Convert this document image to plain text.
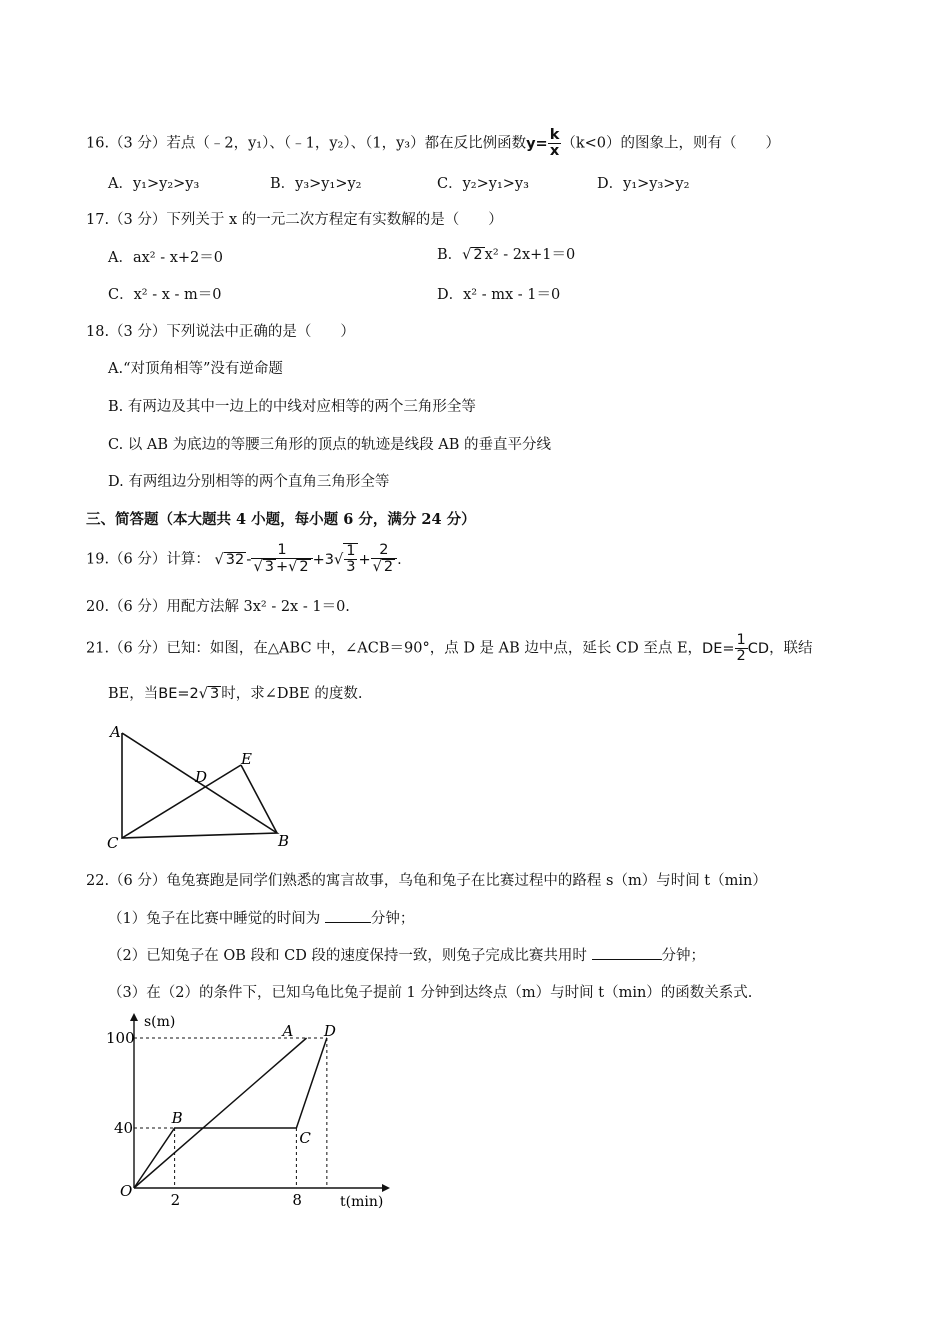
16.（3 分）若点（﹣2，y₁）、（﹣1，y₂）、（1，y₃）都在反比例函数$y= \frac{k}{x} (k<0)$的图象上，则有（　　）
A．y₁>y₂>y₃	B．y₃>y₁>y₂	C．y₂>y₁>y₃	D．y₁>y₃>y₂
17.（3 分）下列关于 x 的一元二次方程定有实数解的是（　　）
A．ax² - x+2＝0	B．√ 2 x² - 2x+1＝0
C．x² - x - m＝0	D．x² - mx - 1＝0
18.（3 分）下列说法中正确的是（　　）
A.“对顶角相等”没有逆命题
B. 有两边及其中一边上的中线对应相等的两个三角形全等
C. 以 AB 为底边的等腰三角形的顶点的轨迹是线段 AB 的垂直平分线
D. 有两组边分别相等的两个直角三角形全等
三、简答题（本大题共 4 小题，每小题 6 分，满分 24 分）
19.（6 分）计算： √ $32 - \frac{1}{√ 3 +√ 2} +3√ \frac{1}{3} + \frac{2}{√ 2}$ .
20.（6 分）用配方法解 3x² - 2x - 1＝0.
21.（6 分）已知：如图，在△ABC 中，∠ACB＝90°，点 D 是 AB 边中点，延长 CD 至点 E，$DE= \frac{1}{2}$ CD，联结
BE，当BE=2√ 3 时，求∠DBE 的度数.
A
D
E
C	B
22.（6 分）龟兔赛跑是同学们熟悉的寓言故事，乌龟和兔子在比赛过程中的路程 s（m）与时间 t（min）
（1）兔子在比赛中睡觉的时间为	分钟；
（2）已知兔子在 OB 段和 CD 段的速度保持一致，则兔子完成比赛共用时	分钟；
（3）在（2）的条件下，已知乌龟比兔子提前 1 分钟到达终点（m）与时间 t（min）的函数关系式.
s(m)
t(min)
O
100
40
2	8
A D
B
C
